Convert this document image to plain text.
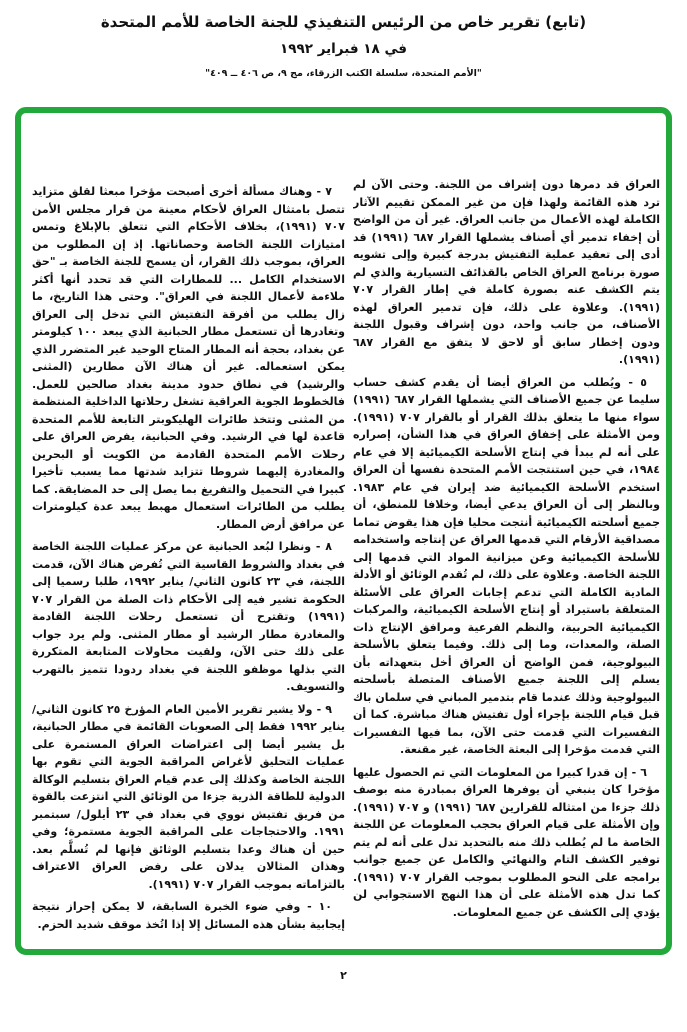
(تابع) تقرير خاص من الرئيس التنفيذي للجنة الخاصة للأمم المتحدة
في ١٨ فبراير ١٩٩٢
"الأمم المتحدة، سلسلة الكتب الزرقاء، مج ٩، ص ٤٠٦ ــ ٤٠٩"

العراق قد دمرها دون إشراف من اللجنة. وحتى الآن لم ترد هذه القائمة ولهذا فإن من غير الممكن تقييم الآثار الكاملة لهذه الأعمال من جانب العراق. غير أن من الواضح أن إخفاء تدمير أي أصناف يشملها القرار ٦٨٧ (١٩٩١) قد أدى إلى تعقيد عملية التفتيش بدرجة كبيرة وإلى تشويه صورة برنامج العراق الخاص بالقذائف التسيارية والذي لم يتم الكشف عنه بصورة كاملة في إطار القرار ٧٠٧ (١٩٩١). وعلاوة على ذلك، فإن تدمير العراق لهذه الأصناف، من جانب واحد، دون إشراف وقبول اللجنة ودون إخطار سابق أو لاحق لا يتفق مع القرار ٦٨٧ (١٩٩١).

٥ - ويُطلب من العراق أيضا أن يقدم كشف حساب سليما عن جميع الأصناف التي يشملها القرار ٦٨٧ (١٩٩١) سواء منها ما يتعلق بذلك القرار أو بالقرار ٧٠٧ (١٩٩١). ومن الأمثلة على إخفاق العراق في هذا الشأن، إصراره على أنه لم يبدأ في إنتاج الأسلحة الكيميائية إلا في عام ١٩٨٤، في حين استنتجت الأمم المتحدة نفسها أن العراق استخدم الأسلحة الكيميائية ضد إيران في عام ١٩٨٣. وبالنظر إلى أن العراق يدعي أيضا، وخلافا للمنطق، أن جميع أسلحته الكيميائية أنتجت محليا فإن هذا يقوض تماما مصداقية الأرقام التي قدمها العراق عن إنتاجه واستخدامه للأسلحة الكيميائية وعن ميزانية المواد التي قدمها إلى اللجنة الخاصة. وعلاوة على ذلك، لم تُقدم الوثائق أو الأدلة المادية الكاملة التي تدعم إجابات العراق على الأسئلة المتعلقة باستيراد أو إنتاج الأسلحة الكيميائية، والمركبات الكيميائية الحربية، والنظم الفرعية ومرافق الإنتاج ذات الصلة، والمعدات، وما إلى ذلك. وفيما يتعلق بالأسلحة البيولوجية، فمن الواضح أن العراق أخل بتعهداته بأن يسلم إلى اللجنة جميع الأصناف المتصلة بأسلحته البيولوجية وذلك عندما قام بتدمير المباني في سلمان باك قبل قيام اللجنة بإجراء أول تفتيش هناك مباشرة. كما أن التفسيرات التي قدمت حتى الآن، بما فيها التفسيرات التي قدمت مؤخرا إلى البعثة الخاصة، غير مقنعة.

٦ - إن قدرا كبيرا من المعلومات التي تم الحصول عليها مؤخرا كان ينبغي أن يوفرها العراق بمبادرة منه بوصف ذلك جزءا من امتثاله للقرارين ٦٨٧ (١٩٩١) و ٧٠٧ (١٩٩١). وإن الأمثلة على قيام العراق بحجب المعلومات عن اللجنة الخاصة ما لم يُطلب ذلك منه بالتحديد تدل على أنه لم يتم توفير الكشف التام والنهائي والكامل عن جميع جوانب برامجه على النحو المطلوب بموجب القرار ٧٠٧ (١٩٩١). كما تدل هذه الأمثلة على أن هذا النهج الاستجوابي لن يؤدي إلى الكشف عن جميع المعلومات.

٧ - وهناك مسألة أخرى أصبحت مؤخرا مبعثا لقلق متزايد تتصل بامتثال العراق لأحكام معينة من قرار مجلس الأمن ٧٠٧ (١٩٩١)، بخلاف الأحكام التي تتعلق بالإبلاغ وتمس امتيازات اللجنة الخاصة وحصاناتها. إذ إن المطلوب من العراق، بموجب ذلك القرار، أن يسمح للجنة الخاصة بـ "حق الاستخدام الكامل ... للمطارات التي قد تحدد أنها أكثر ملاءمة لأعمال اللجنة في العراق". وحتى هذا التاريخ، ما زال يطلب من أفرقة التفتيش التي تدخل إلى العراق وتغادرها أن تستعمل مطار الحبانية الذي يبعد ١٠٠ كيلومتر عن بغداد، بحجة أنه المطار المتاح الوحيد غير المتضرر الذي يمكن استعماله. غير أن هناك الآن مطارين (المثنى والرشيد) في نطاق حدود مدينة بغداد صالحين للعمل. فالخطوط الجوية العراقية تشغل رحلاتها الداخلية المنتظمة من المثنى وتتخذ طائرات الهليكوبتر التابعة للأمم المتحدة قاعدة لها في الرشيد. وفي الحبانية، يفرض العراق على رحلات الأمم المتحدة القادمة من الكويت أو البحرين والمغادرة إليهما شروطا تتزايد شدتها مما يسبب تأخيرا كبيرا في التحميل والتفريغ بما يصل إلى حد المضايقة. كما يطلب من الطائرات استعمال مهبط يبعد عدة كيلومترات عن مرافق أرض المطار.

٨ - ونظرا لبُعد الحبانية عن مركز عمليات اللجنة الخاصة في بغداد والشروط القاسية التي تُفرض هناك الآن، قدمت اللجنة، في ٢٣ كانون الثاني/ يناير ١٩٩٢، طلبا رسميا إلى الحكومة تشير فيه إلى الأحكام ذات الصلة من القرار ٧٠٧ (١٩٩١) وتقترح أن تستعمل رحلات اللجنة القادمة والمغادرة مطار الرشيد أو مطار المثنى. ولم يرد جواب على ذلك حتى الآن، ولقيت محاولات المتابعة المتكررة التي بذلها موظفو اللجنة في بغداد ردودا تتميز بالتهرب والتسويف.

٩ - ولا يشير تقرير الأمين العام المؤرخ ٢٥ كانون الثاني/ يناير ١٩٩٢ فقط إلى الصعوبات القائمة في مطار الحبانية، بل يشير أيضا إلى اعتراضات العراق المستمرة على عمليات التحليق لأغراض المراقبة الجوية التي تقوم بها اللجنة الخاصة وكذلك إلى عدم قيام العراق بتسليم الوكالة الدولية للطاقة الذرية جزءا من الوثائق التي انتزعت بالقوة من فريق تفتيش نووي في بغداد في ٢٣ أيلول/ سبتمبر ١٩٩١. والاحتجاجات على المراقبة الجوية مستمرة؛ وفي حين أن هناك وعدا بتسليم الوثائق فإنها لم تُسلَّم بعد. وهذان المثالان يدلان على رفض العراق الاعتراف بالتزاماته بموجب القرار ٧٠٧ (١٩٩١).

١٠ - وفي ضوء الخبرة السابقة، لا يمكن إحراز نتيجة إيجابية بشأن هذه المسائل إلا إذا اتُخذ موقف شديد الحزم.

٢
